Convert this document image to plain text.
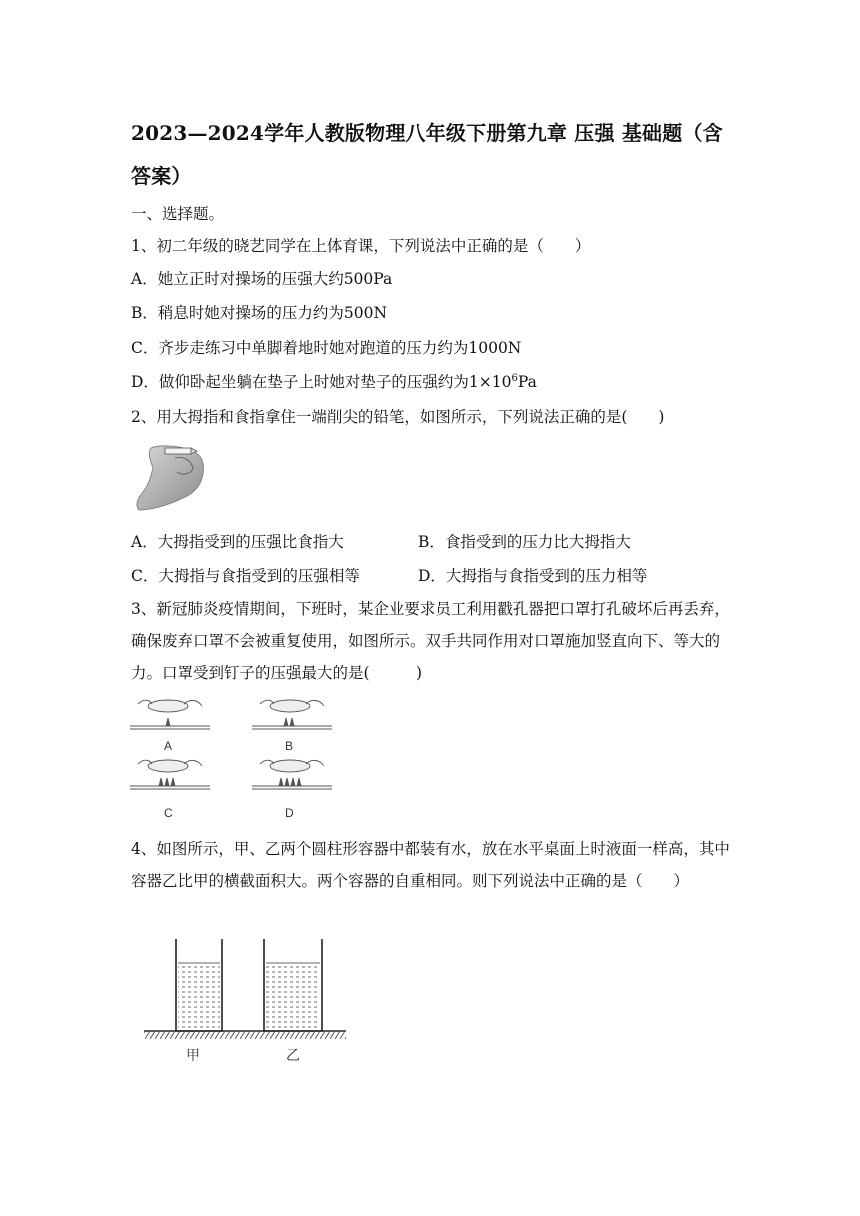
2023—2024学年人教版物理八年级下册第九章 压强 基础题（含答案）
一、选择题。
1、初二年级的晓艺同学在上体育课，下列说法中正确的是（　　）
A．她立正时对操场的压强大约500Pa
B．稍息时她对操场的压力约为500N
C．齐步走练习中单脚着地时她对跑道的压力约为1000N
D．做仰卧起坐躺在垫子上时她对垫子的压强约为$1\times 10^6Pa$
2、用大拇指和食指拿住一端削尖的铅笔，如图所示，下列说法正确的是(　　)
A．大拇指受到的压强比食指大	B．食指受到的压力比大拇指大
C．大拇指与食指受到的压强相等	D．大拇指与食指受到的压力相等
3、新冠肺炎疫情期间，下班时，某企业要求员工利用戳孔器把口罩打孔破坏后再丢弃，确保废弃口罩不会被重复使用，如图所示。双手共同作用对口罩施加竖直向下、等大的力。口罩受到钉子的压强最大的是(　　　)
A	B
C	D
4、如图所示，甲、乙两个圆柱形容器中都装有水，放在水平桌面上时液面一样高，其中容器乙比甲的横截面积大。两个容器的自重相同。则下列说法中正确的是（　　）
甲	乙
